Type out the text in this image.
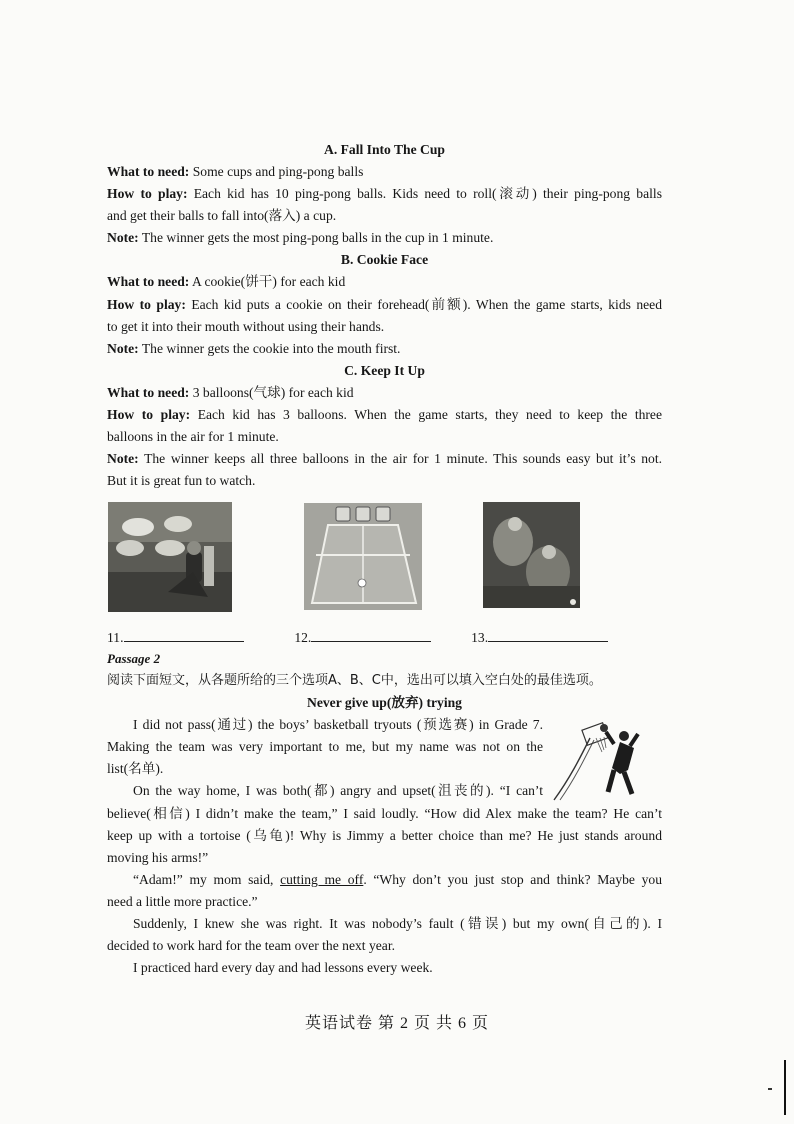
A. Fall Into The Cup
What to need: Some cups and ping-pong balls
How to play: Each kid has 10 ping-pong balls. Kids need to roll(滚动) their ping-pong balls
and get their balls to fall into(落入) a cup.
Note: The winner gets the most ping-pong balls in the cup in 1 minute.
B. Cookie Face
What to need: A cookie(饼干) for each kid
How to play: Each kid puts a cookie on their forehead(前额). When the game starts, kids need
to get it into their mouth without using their hands.
Note: The winner gets the cookie into the mouth first.
C. Keep It Up
What to need: 3 balloons(气球) for each kid
How to play: Each kid has 3 balloons. When the game starts, they need to keep the three
balloons in the air for 1 minute.
Note: The winner keeps all three balloons in the air for 1 minute. This sounds easy but it’s not.
But it is great fun to watch.
11.	12.	13.
Passage 2
阅读下面短文，从各题所给的三个选项A、B、C中，选出可以填入空白处的最佳选项。
Never give up(放弃) trying
I did not pass(通过) the boys’ basketball tryouts (预选赛) in Grade 7.
Making the team was very important to me, but my name was not on the
list(名单).
On the way home, I was both(都) angry and upset(沮丧的). “I can’t
believe(相信) I didn’t make the team,” I said loudly. “How did Alex make the team? He can’t
keep up with a tortoise (乌龟)! Why is Jimmy a better choice than me? He just stands around
moving his arms!”
“Adam!” my mom said, cutting me off. “Why don’t you just stop and think? Maybe you
need a little more practice.”
Suddenly, I knew she was right. It was nobody’s fault (错误) but my own(自己的). I
decided to work hard for the team over the next year.
I practiced hard every day and had lessons every week.
英语试卷 第 2 页 共 6 页
